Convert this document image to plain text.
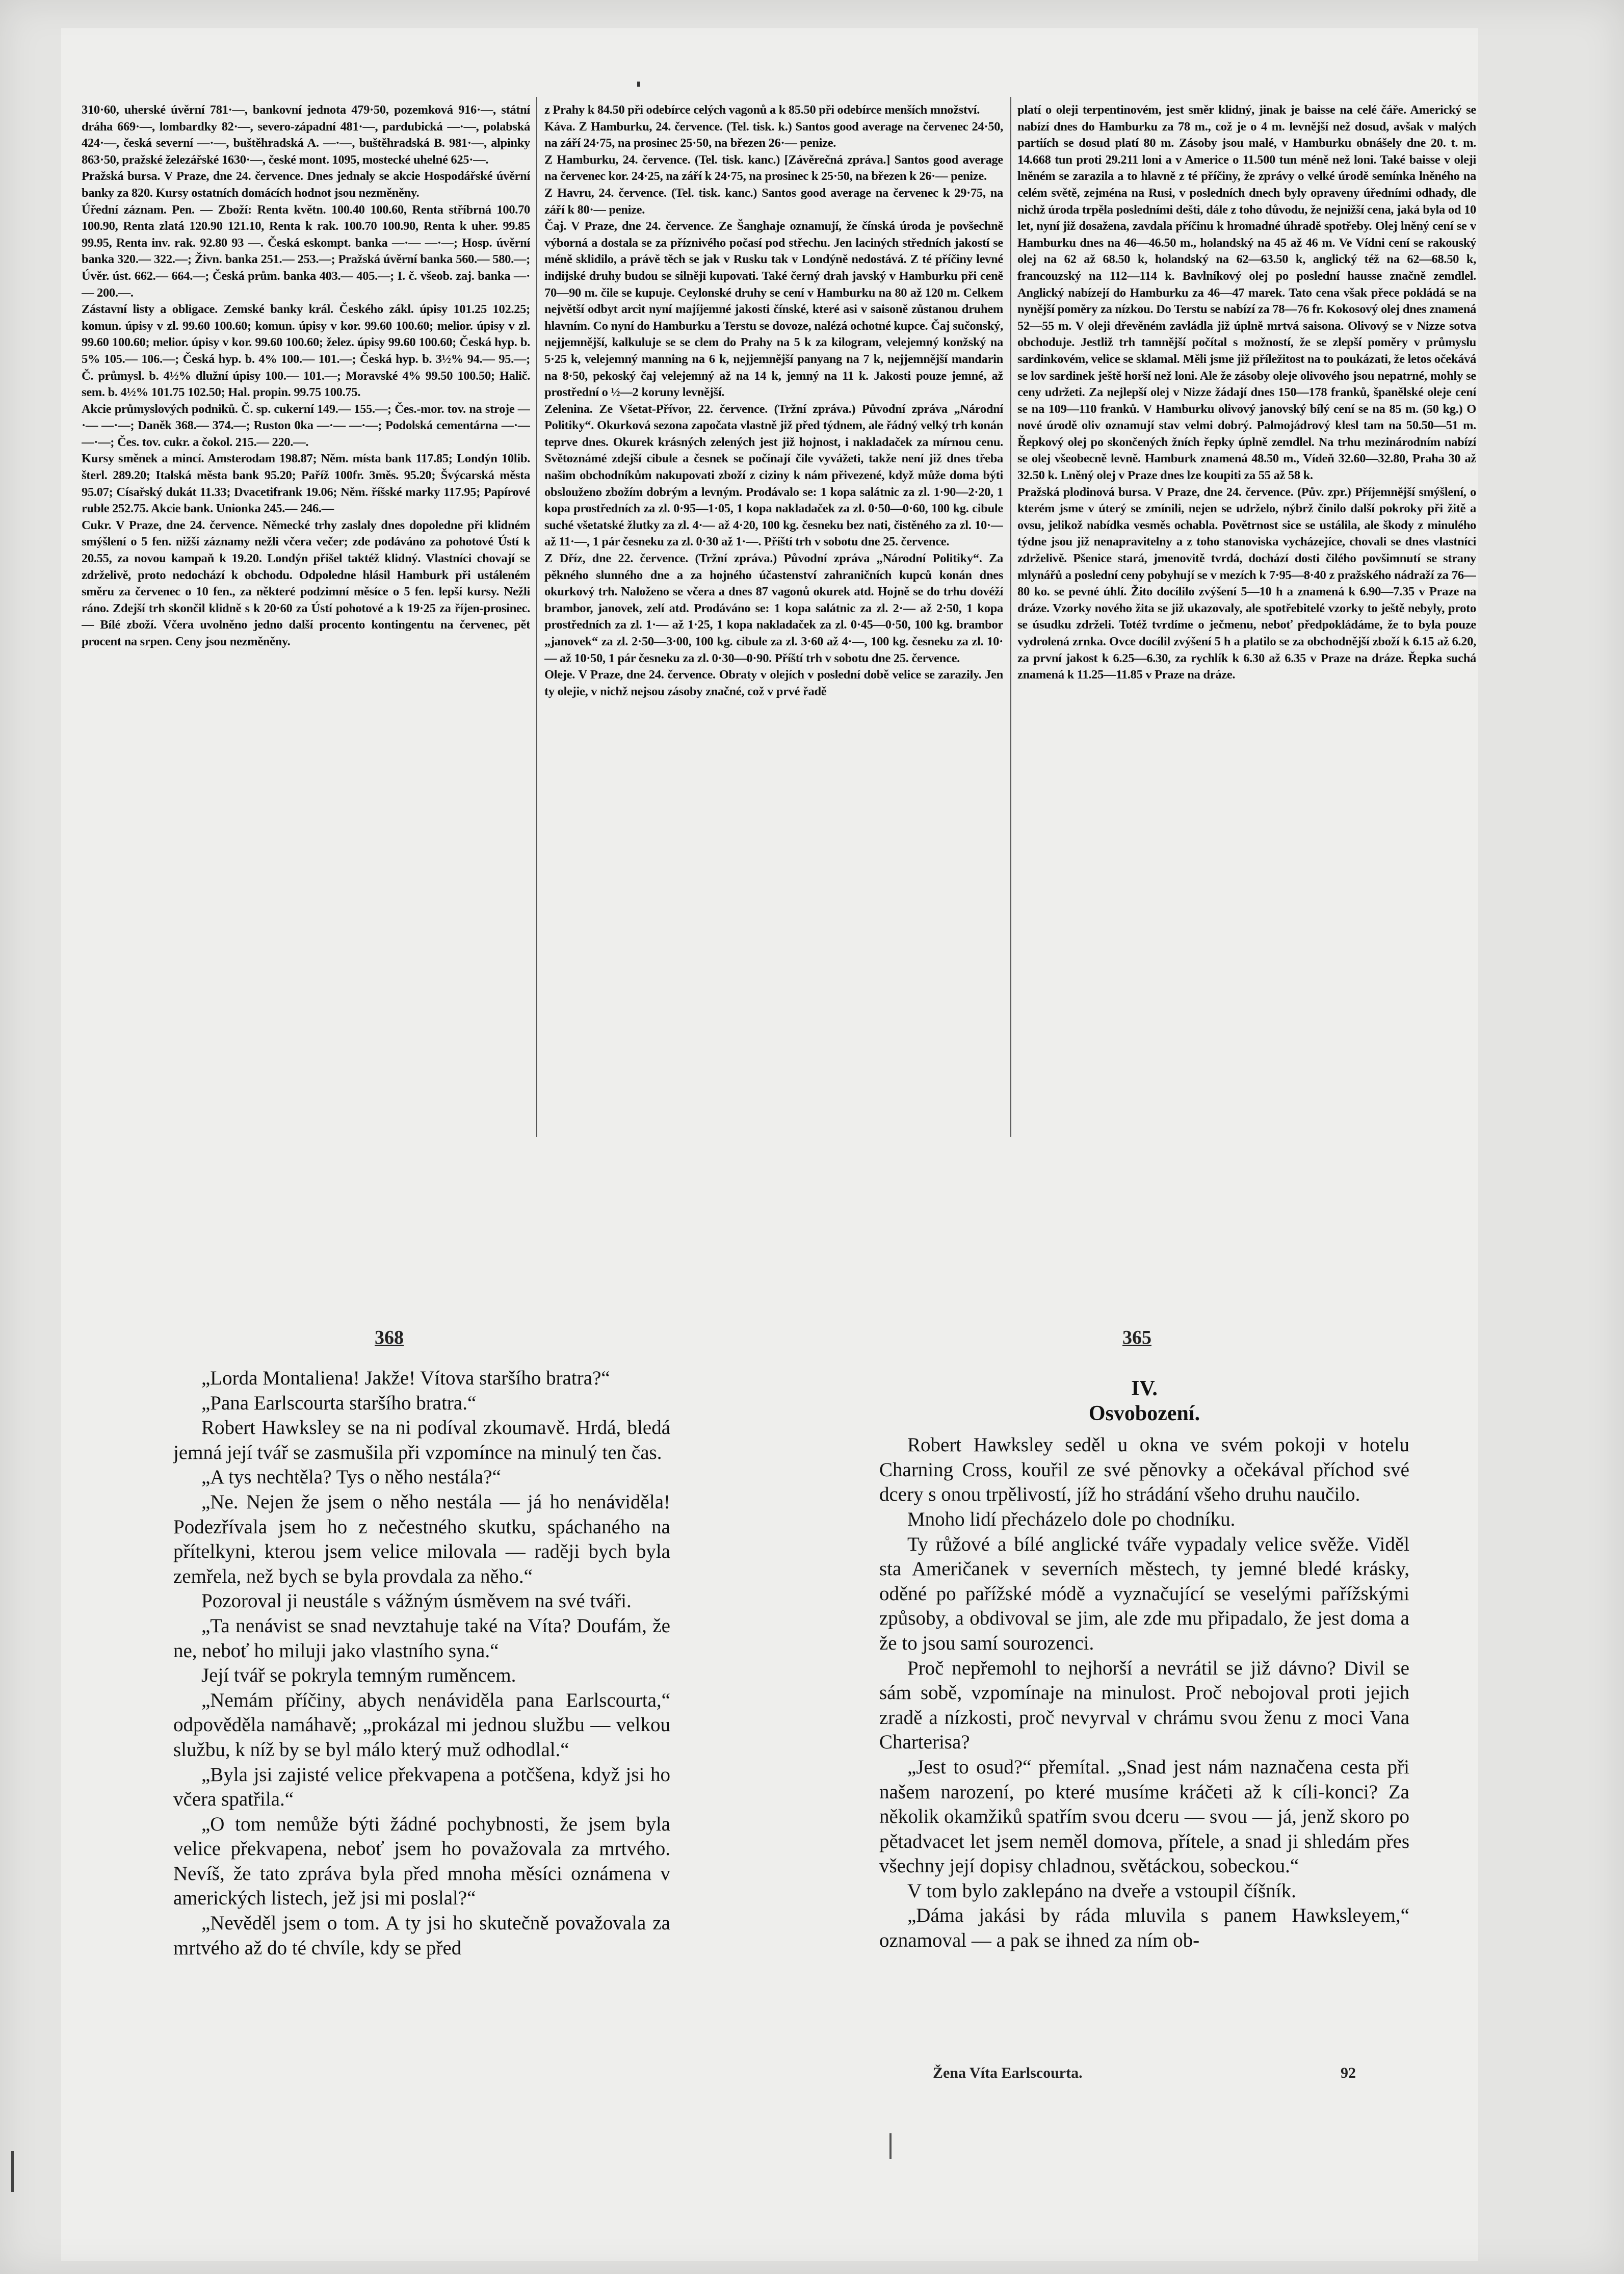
310·60, uherské úvěrní 781·—, bankovní jednota 479·50, pozemková 916·—, státní dráha 669·—, lombardky 82·—, severo-západní 481·—, pardubická —·—, polabská 424·—, česká severní —·—, buštěhradská A. —·—, buštěhradská B. 981·—, alpinky 863·50, pražské železářské 1630·—, české mont. 1095, mostecké uhelné 625·—.

Pražská bursa. V Praze, dne 24. července. Dnes jednaly se akcie Hospodářské úvěrní banky za 820. Kursy ostatních domácích hodnot jsou nezměněny.

Úřední záznam. Pen. — Zboží: Renta květn. 100.40 100.60, Renta stříbrná 100.70 100.90, Renta zlatá 120.90 121.10, Renta k rak. 100.70 100.90, Renta k uher. 99.85 99.95, Renta inv. rak. 92.80 93 —. Česká eskompt. banka —·— —·—; Hosp. úvěrní banka 320.— 322.—; Živn. banka 251.— 253.—; Pražská úvěrní banka 560.— 580.—; Úvěr. úst. 662.— 664.—; Česká prům. banka 403.— 405.—; I. č. všeob. zaj. banka —·— 200.—.

Zástavní listy a obligace. Zemské banky král. Českého zákl. úpisy 101.25 102.25; komun. úpisy v zl. 99.60 100.60; komun. úpisy v kor. 99.60 100.60; melior. úpisy v zl. 99.60 100.60; melior. úpisy v kor. 99.60 100.60; želez. úpisy 99.60 100.60; Česká hyp. b. 5% 105.— 106.—; Česká hyp. b. 4% 100.— 101.—; Česká hyp. b. 3½% 94.— 95.—; Č. průmysl. b. 4½% dlužní úpisy 100.— 101.—; Moravské 4% 99.50 100.50; Halič. sem. b. 4½% 101.75 102.50; Hal. propin. 99.75 100.75.

Akcie průmyslových podniků. Č. sp. cukerní 149.— 155.—; Čes.-mor. tov. na stroje —·— —·—; Daněk 368.— 374.—; Ruston 0ka —·— —·—; Podolská cementárna —·— —·—; Čes. tov. cukr. a čokol. 215.— 220.—.

Kursy směnek a mincí. Amsterodam 198.87; Něm. místa bank 117.85; Londýn 10lib. šterl. 289.20; Italská města bank 95.20; Paříž 100fr. 3měs. 95.20; Švýcarská města 95.07; Císařský dukát 11.33; Dvacetifrank 19.06; Něm. říšské marky 117.95; Papírové ruble 252.75. Akcie bank. Unionka 245.— 246.—

Cukr. V Praze, dne 24. července. Německé trhy zaslaly dnes dopoledne při klidném smýšlení o 5 fen. nižší záznamy nežli včera večer; zde podáváno za pohotové Ústí k 20.55, za novou kampaň k 19.20. Londýn přišel taktéž klidný. Vlastníci chovají se zdrželivě, proto nedochází k obchodu. Odpoledne hlásil Hamburk při ustáleném směru za červenec o 10 fen., za některé podzimní měsíce o 5 fen. lepší kursy. Nežli ráno. Zdejší trh skončil klidně s k 20·60 za Ústí pohotové a k 19·25 za říjen-prosinec. — Bílé zboží. Včera uvolněno jedno další procento kontingentu na červenec, pět procent na srpen. Ceny jsou nezměněny.

z Prahy k 84.50 při odebírce celých vagonů a k 85.50 při odebírce menších množství.

Káva. Z Hamburku, 24. července. (Tel. tisk. k.) Santos good average na červenec 24·50, na září 24·75, na prosinec 25·50, na březen 26·— penize.

Z Hamburku, 24. července. (Tel. tisk. kanc.) [Závěrečná zpráva.] Santos good average na červenec kor. 24·25, na září k 24·75, na prosinec k 25·50, na březen k 26·— penize.

Z Havru, 24. července. (Tel. tisk. kanc.) Santos good average na červenec k 29·75, na září k 80·— penize.

Čaj. V Praze, dne 24. července. Ze Šanghaje oznamují, že čínská úroda je povšechně výborná a dostala se za příznivého počasí pod střechu. Jen laciných středních jakostí se méně sklidilo, a právě těch se jak v Rusku tak v Londýně nedostává. Z té příčiny levné indijské druhy budou se silněji kupovati. Také černý drah javský v Hamburku při ceně 70—90 m. čile se kupuje. Ceylonské druhy se cení v Hamburku na 80 až 120 m. Celkem největší odbyt arcit nyní majíjemné jakosti čínské, které asi v saisoně zůstanou druhem hlavním. Co nyní do Hamburku a Terstu se dovoze, nalézá ochotné kupce. Čaj sučonský, nejjemnější, kalkuluje se se clem do Prahy na 5 k za kilogram, velejemný konžský na 5·25 k, velejemný manning na 6 k, nejjemnější panyang na 7 k, nejjemnější mandarin na 8·50, pekoský čaj velejemný až na 14 k, jemný na 11 k. Jakosti pouze jemné, až prostřední o ½—2 koruny levnější.

Zelenina. Ze Všetat-Přívor, 22. července. (Tržní zpráva.) Původní zpráva „Národní Politiky“. Okurková sezona započata vlastně již před týdnem, ale řádný velký trh konán teprve dnes. Okurek krásných zelených jest již hojnost, i nakladaček za mírnou cenu. Světoznámé zdejší cibule a česnek se počínají čile vyvážeti, takže není již dnes třeba našim obchodníkům nakupovati zboží z ciziny k nám přivezené, když může doma býti obslouženo zbožím dobrým a levným. Prodávalo se: 1 kopa salátnic za zl. 1·90—2·20, 1 kopa prostředních za zl. 0·95—1·05, 1 kopa nakladaček za zl. 0·50—0·60, 100 kg. cibule suché všetatské žlutky za zl. 4·— až 4·20, 100 kg. česneku bez nati, čistěného za zl. 10·— až 11·—, 1 pár česneku za zl. 0·30 až 1·—. Příští trh v sobotu dne 25. července.

Z Dříz, dne 22. července. (Tržní zpráva.) Původní zpráva „Národní Politiky“. Za pěkného slunného dne a za hojného účastenství zahraničních kupců konán dnes okurkový trh. Naloženo se včera a dnes 87 vagonů okurek atd. Hojně se do trhu dovéží brambor, janovek, zelí atd. Prodáváno se: 1 kopa salátnic za zl. 2·— až 2·50, 1 kopa prostředních za zl. 1·— až 1·25, 1 kopa nakladaček za zl. 0·45—0·50, 100 kg. brambor „janovek“ za zl. 2·50—3·00, 100 kg. cibule za zl. 3·60 až 4·—, 100 kg. česneku za zl. 10·— až 10·50, 1 pár česneku za zl. 0·30—0·90. Příští trh v sobotu dne 25. července.

Oleje. V Praze, dne 24. července. Obraty v olejích v poslední době velice se zarazily. Jen ty olejie, v nichž nejsou zásoby značné, což v prvé řadě

platí o oleji terpentinovém, jest směr klidný, jinak je baisse na celé čáře. Americký se nabízí dnes do Hamburku za 78 m., což je o 4 m. levnější než dosud, avšak v malých partiích se dosud platí 80 m. Zásoby jsou malé, v Hamburku obnášely dne 20. t. m. 14.668 tun proti 29.211 loni a v Americe o 11.500 tun méně než loni. Také baisse v oleji lněném se zarazila a to hlavně z té příčiny, že zprávy o velké úrodě semínka lněného na celém světě, zejména na Rusi, v posledních dnech byly opraveny úředními odhady, dle nichž úroda trpěla posledními dešti, dále z toho důvodu, že nejnižší cena, jaká byla od 10 let, nyní již dosažena, zavdala příčinu k hromadné úhradě spotřeby. Olej lněný cení se v Hamburku dnes na 46—46.50 m., holandský na 45 až 46 m. Ve Vídni cení se rakouský olej na 62 až 68.50 k, holandský na 62—63.50 k, anglický též na 62—68.50 k, francouzský na 112—114 k. Bavlníkový olej po poslední hausse značně zemdlel. Anglický nabízejí do Hamburku za 46—47 marek. Tato cena však přece pokládá se na nynější poměry za nízkou. Do Terstu se nabízí za 78—76 fr. Kokosový olej dnes znamená 52—55 m. V oleji dřevěném zavládla již úplně mrtvá saisona. Olivový se v Nizze sotva obchoduje. Jestliž trh tamnější počítal s možností, že se zlepší poměry v průmyslu sardinkovém, velice se sklamal. Měli jsme již příležitost na to poukázati, že letos očekává se lov sardinek ještě horší než loni. Ale že zásoby oleje olivového jsou nepatrné, mohly se ceny udržeti. Za nejlepší olej v Nizze žádají dnes 150—178 franků, španělské oleje cení se na 109—110 franků. V Hamburku olivový janovský bílý cení se na 85 m. (50 kg.) O nové úrodě oliv oznamují stav velmi dobrý. Palmojádrový klesl tam na 50.50—51 m. Řepkový olej po skončených žních řepky úplně zemdlel. Na trhu mezinárodním nabízí se olej všeobecně levně. Hamburk znamená 48.50 m., Vídeň 32.60—32.80, Praha 30 až 32.50 k. Lněný olej v Praze dnes lze koupiti za 55 až 58 k.

Pražská plodinová bursa. V Praze, dne 24. července. (Pův. zpr.) Příjemnější smýšlení, o kterém jsme v úterý se zmínili, nejen se udrželo, nýbrž činilo další pokroky při žitě a ovsu, jelikož nabídka vesměs ochabla. Povětrnost sice se ustálila, ale škody z minulého týdne jsou již nenapravitelny a z toho stanoviska vycházejíce, chovali se dnes vlastníci zdrželivě. Pšenice stará, jmenovitě tvrdá, dochází dosti čilého povšimnutí se strany mlynářů a poslední ceny pobyhují se v mezích k 7·95—8·40 z pražského nádraží za 76—80 ko. se pevné úhlí. Žito docílilo zvýšení 5—10 h a znamená k 6.90—7.35 v Praze na dráze. Vzorky nového žita se již ukazovaly, ale spotřebitelé vzorky to ještě nebyly, proto se úsudku zdrželi. Totéž tvrdíme o ječmenu, neboť předpokládáme, že to byla pouze vydrolená zrnka. Ovce docílil zvýšení 5 h a platilo se za obchodnější zboží k 6.15 až 6.20, za první jakost k 6.25—6.30, za rychlík k 6.30 až 6.35 v Praze na dráze. Řepka suchá znamená k 11.25—11.85 v Praze na dráze.

368	365

„Lorda Montaliena! Jakže! Vítova staršího bratra?“

„Pana Earlscourta staršího bratra.“

Robert Hawksley se na ni podíval zkoumavě. Hrdá, bledá jemná její tvář se zasmušila při vzpomínce na minulý ten čas.

„A tys nechtěla? Tys o něho nestála?“

„Ne. Nejen že jsem o něho nestála — já ho nenáviděla! Podezřívala jsem ho z nečestného skutku, spáchaného na přítelkyni, kterou jsem velice milovala — raději bych byla zemřela, než bych se byla provdala za něho.“

Pozoroval ji neustále s vážným úsměvem na své tváři.

„Ta nenávist se snad nevztahuje také na Víta? Doufám, že ne, neboť ho miluji jako vlastního syna.“

Její tvář se pokryla temným ruměncem.

„Nemám příčiny, abych nenáviděla pana Earlscourta,“ odpověděla namáhavě; „prokázal mi jednou službu — velkou službu, k níž by se byl málo který muž odhodlal.“

„Byla jsi zajisté velice překvapena a potčšena, když jsi ho včera spatřila.“

„O tom nemůže býti žádné pochybnosti, že jsem byla velice překvapena, neboť jsem ho považovala za mrtvého. Nevíš, že tato zpráva byla před mnoha měsíci oznámena v amerických listech, jež jsi mi poslal?“

„Nevěděl jsem o tom. A ty jsi ho skutečně považovala za mrtvého až do té chvíle, kdy se před

IV.
Osvobození.

Robert Hawksley seděl u okna ve svém pokoji v hotelu Charning Cross, kouřil ze své pěnovky a očekával příchod své dcery s onou trpělivostí, jíž ho strádání všeho druhu naučilo.

Mnoho lidí přecházelo dole po chodníku.

Ty růžové a bílé anglické tváře vypadaly velice svěže. Viděl sta Američanek v severních městech, ty jemné bledé krásky, oděné po pařížské módě a vyznačující se veselými pařížskými způsoby, a obdivoval se jim, ale zde mu připadalo, že jest doma a že to jsou samí sourozenci.

Proč nepřemohl to nejhorší a nevrátil se již dávno? Divil se sám sobě, vzpomínaje na minulost. Proč nebojoval proti jejich zradě a nízkosti, proč nevyrval v chrámu svou ženu z moci Vana Charterisa?

„Jest to osud?“ přemítal. „Snad jest nám naznačena cesta při našem narození, po které musíme kráčeti až k cíli-konci? Za několik okamžiků spatřím svou dceru — svou — já, jenž skoro po pětadvacet let jsem neměl domova, přítele, a snad ji shledám přes všechny její dopisy chladnou, světáckou, sobeckou.“

V tom bylo zaklepáno na dveře a vstoupil číšník.

„Dáma jakási by ráda mluvila s panem Hawksleyem,“ oznamoval — a pak se ihned za ním ob-

Žena Víta Earlscourta.	92
